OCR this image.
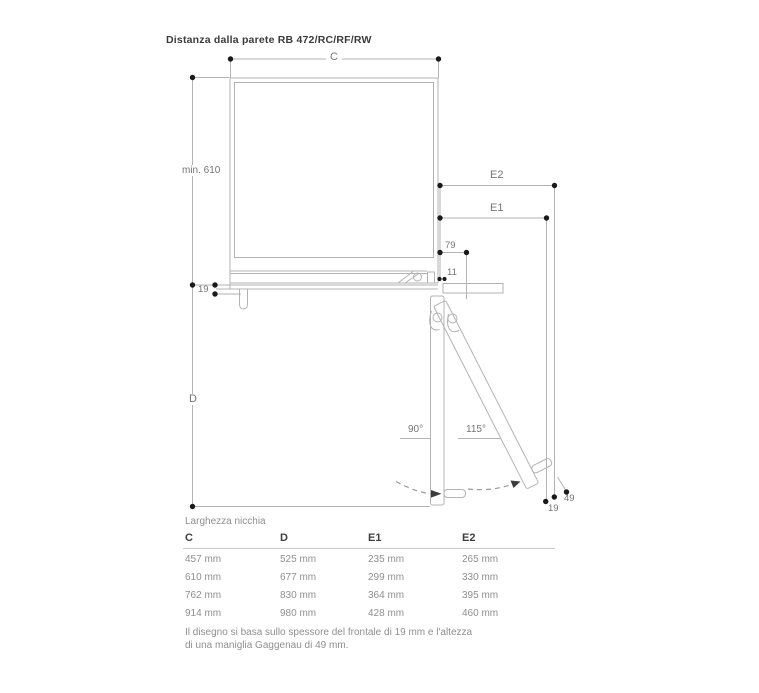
Distanza dalla parete RB 472/RC/RF/RW
C
min. 610
D
E2
E1
79
11
19
90°	115°
19
49
Larghezza nicchia
C	D	E1	E2
457 mm	525 mm	235 mm	265 mm
610 mm	677 mm	299 mm	330 mm
762 mm	830 mm	364 mm	395 mm
914 mm	980 mm	428 mm	460 mm
Il disegno si basa sullo spessore del frontale di 19 mm e l'altezza
di una maniglia Gaggenau di 49 mm.
